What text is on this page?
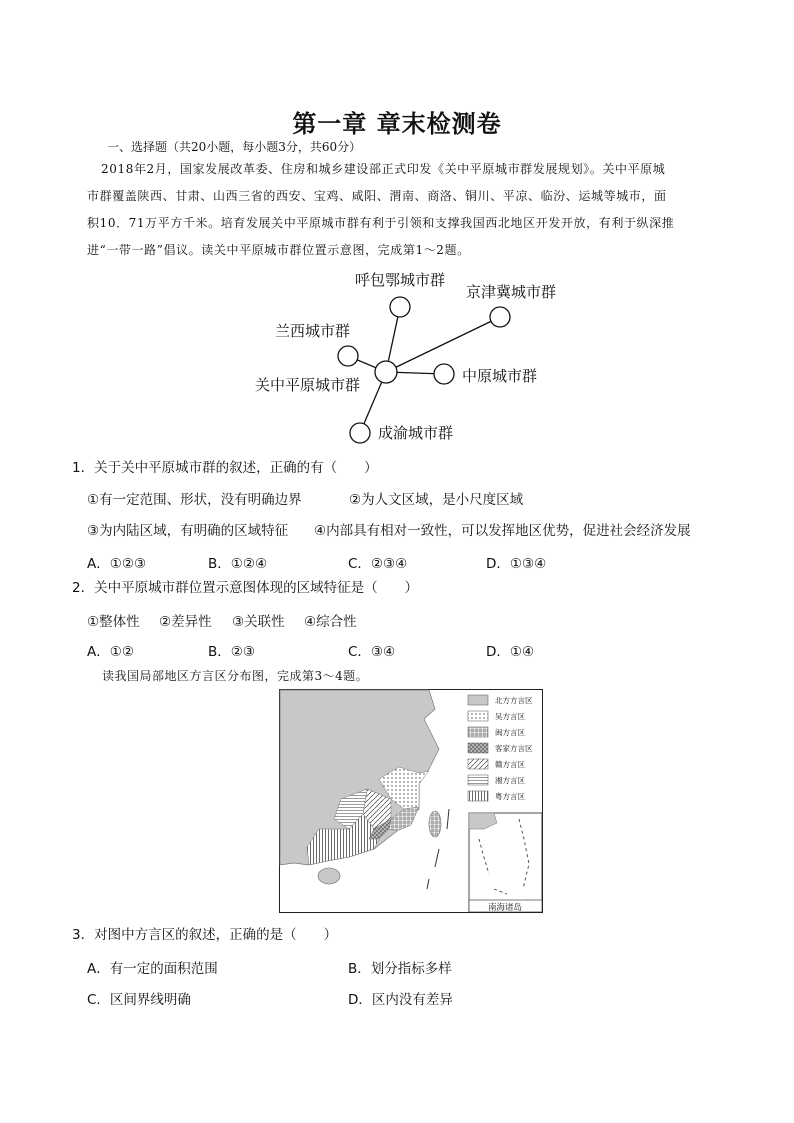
第一章 章末检测卷
一、选择题（共20小题，每小题3分，共60分）
2018年2月，国家发展改革委、住房和城乡建设部正式印发《关中平原城市群发展规划》。关中平原城
市群覆盖陕西、甘肃、山西三省的西安、宝鸡、咸阳、渭南、商洛、铜川、平凉、临汾、运城等城市，面
积10．71万平方千米。培育发展关中平原城市群有利于引领和支撑我国西北地区开发开放，有利于纵深推
进“一带一路”倡议。读关中平原城市群位置示意图，完成第1～2题。
呼包鄂城市群
京津冀城市群
兰西城市群
中原城市群
关中平原城市群
成渝城市群
1．关于关中平原城市群的叙述，正确的有（　　）
①有一定范围、形状，没有明确边界	②为人文区域，是小尺度区域
③为内陆区域，有明确的区域特征 ④内部具有相对一致性，可以发挥地区优势，促进社会经济发展
A．①②③	B．①②④	C．②③④	D．①③④
2．关中平原城市群位置示意图体现的区域特征是（　　）
①整体性 ②差异性 ③关联性 ④综合性
A．①②	B．②③	C．③④	D．①④
读我国局部地区方言区分布图，完成第3～4题。
南海诸岛
北方方言区
吴方言区
闽方言区
客家方言区
赣方言区
湘方言区
粤方言区
3．对图中方言区的叙述，正确的是（　　）
A．有一定的面积范围	B．划分指标多样
C．区间界线明确	D．区内没有差异
